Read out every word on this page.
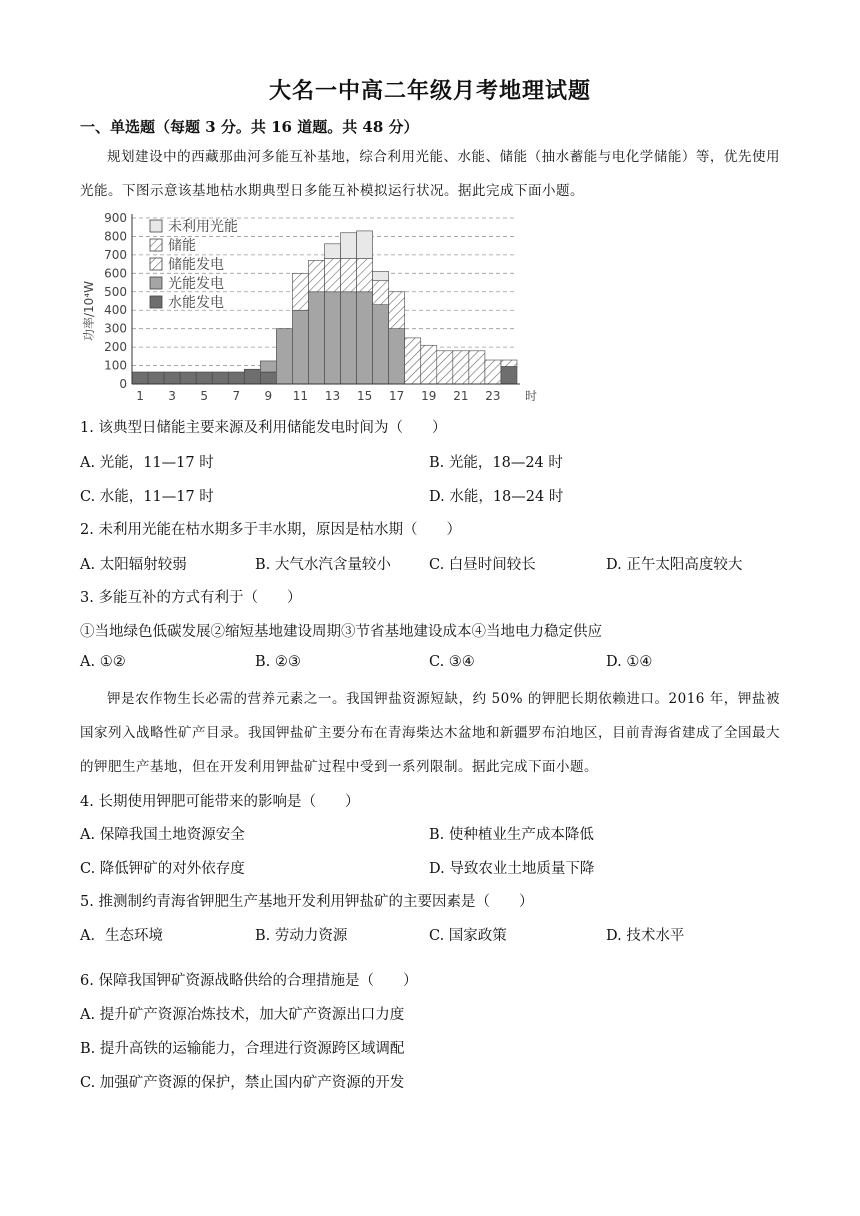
大名一中高二年级月考地理试题
一、单选题（每题 3 分。共 16 道题。共 48 分）
规划建设中的西藏那曲河多能互补基地，综合利用光能、水能、储能（抽水蓄能与电化学储能）等，优先使用光能。下图示意该基地枯水期典型日多能互补模拟运行状况。据此完成下面小题。
0
100
200
300
400
500
600
700
800
900
1 3 5 7 9 11 13 15 17 19 21 23 时
功率/10⁴W
未利用光能
储能
储能发电
光能发电
水能发电
1. 该典型日储能主要来源及利用储能发电时间为（　　）
A. 光能，11—17 时	B. 光能，18—24 时
C. 水能，11—17 时	D. 水能，18—24 时
2. 未利用光能在枯水期多于丰水期，原因是枯水期（　　）
A. 太阳辐射较弱	B. 大气水汽含量较小	C. 白昼时间较长	D. 正午太阳高度较大
3. 多能互补的方式有利于（　　）
①当地绿色低碳发展②缩短基地建设周期③节省基地建设成本④当地电力稳定供应
A. ①②	B. ②③	C. ③④	D. ①④
钾是农作物生长必需的营养元素之一。我国钾盐资源短缺，约 50% 的钾肥长期依赖进口。2016 年，钾盐被国家列入战略性矿产目录。我国钾盐矿主要分布在青海柴达木盆地和新疆罗布泊地区，目前青海省建成了全国最大的钾肥生产基地，但在开发利用钾盐矿过程中受到一系列限制。据此完成下面小题。
4. 长期使用钾肥可能带来的影响是（　　）
A. 保障我国土地资源安全	B. 使种植业生产成本降低
C. 降低钾矿的对外依存度	D. 导致农业土地质量下降
5. 推测制约青海省钾肥生产基地开发利用钾盐矿的主要因素是（　　）
A．生态环境	B. 劳动力资源	C. 国家政策	D. 技术水平
6. 保障我国钾矿资源战略供给的合理措施是（　　）
A. 提升矿产资源冶炼技术，加大矿产资源出口力度
B. 提升高铁的运输能力，合理进行资源跨区域调配
C. 加强矿产资源的保护，禁止国内矿产资源的开发
